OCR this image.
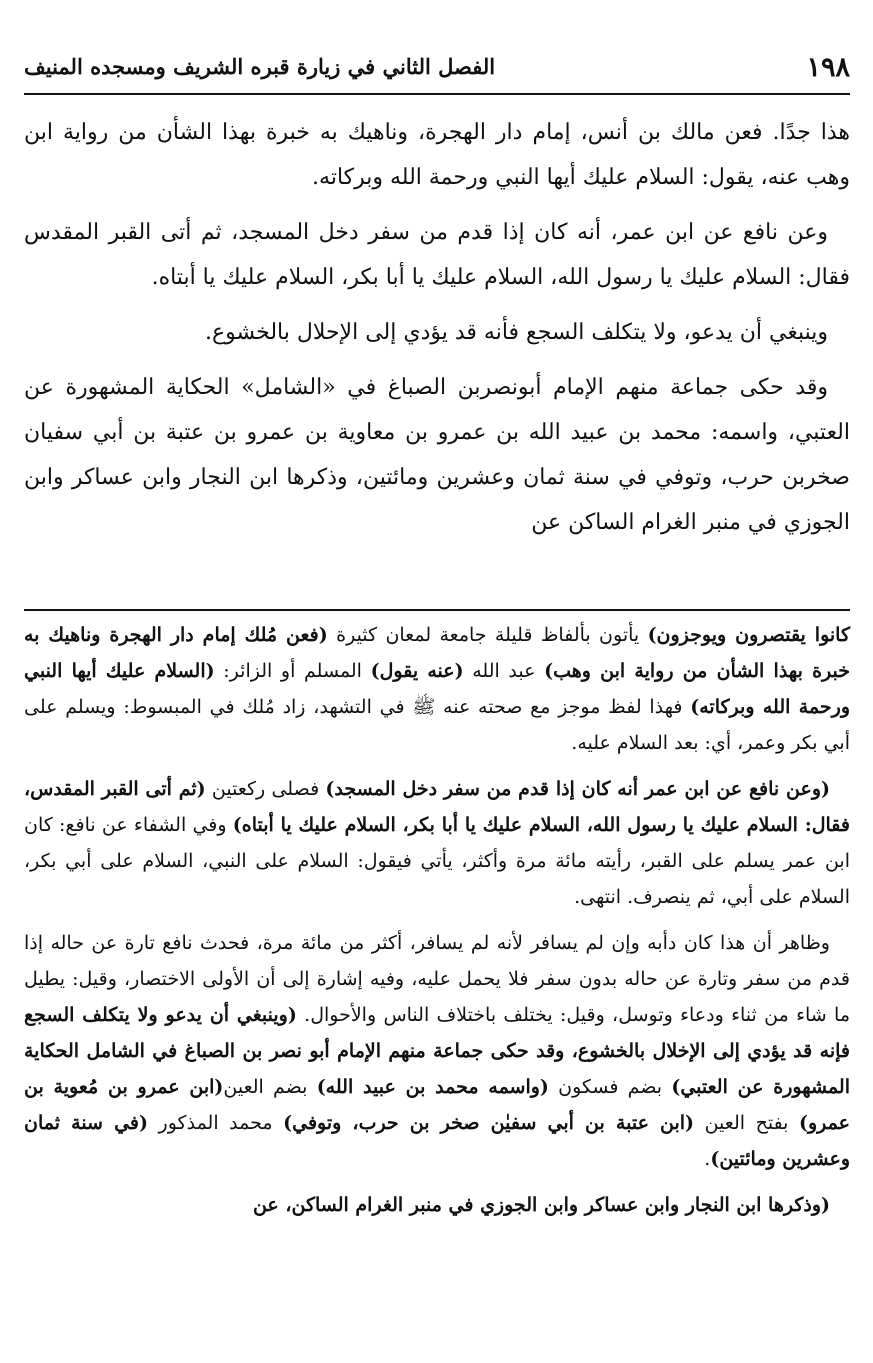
١٩٨
الفصل الثاني في زيارة قبره الشريف ومسجده المنيف

هذا جدًا. فعن مالك بن أنس، إمام دار الهجرة، وناهيك به خبرة بهذا الشأن من رواية ابن وهب عنه، يقول: السلام عليك أيها النبي ورحمة الله وبركاته.

وعن نافع عن ابن عمر، أنه كان إذا قدم من سفر دخل المسجد، ثم أتى القبر المقدس فقال: السلام عليك يا رسول الله، السلام عليك يا أبا بكر، السلام عليك يا أبتاه.

وينبغي أن يدعو، ولا يتكلف السجع فأنه قد يؤدي إلى الإحلال بالخشوع.

وقد حكى جماعة منهم الإمام أبونصربن الصباغ في «الشامل» الحكاية المشهورة عن العتبي، واسمه: محمد بن عبيد الله بن عمرو بن معاوية بن عمرو بن عتبة بن أبي سفيان صخربن حرب، وتوفي في سنة ثمان وعشرين ومائتين، وذكرها ابن النجار وابن عساكر وابن الجوزي في منبر الغرام الساكن عن

كانوا يقتصرون ويوجزون) يأتون بألفاظ قليلة جامعة لمعان كثيرة (فعن مُلك إمام دار الهجرة وناهيك به خبرة بهذا الشأن من رواية ابن وهب) عبد الله (عنه يقول) المسلم أو الزائر: (السلام عليك أيها النبي ورحمة الله وبركاته) فهذا لفظ موجز مع صحته عنه ﷺ في التشهد، زاد مُلك في المبسوط: ويسلم على أبي بكر وعمر، أي: بعد السلام عليه.

(وعن نافع عن ابن عمر أنه كان إذا قدم من سفر دخل المسجد) فصلى ركعتين (ثم أتى القبر المقدس، فقال: السلام عليك يا رسول الله، السلام عليك يا أبا بكر، السلام عليك يا أبتاه) وفي الشفاء عن نافع: كان ابن عمر يسلم على القبر، رأيته مائة مرة وأكثر، يأتي فيقول: السلام على النبي، السلام على أبي بكر، السلام على أبي، ثم ينصرف. انتهى.

وظاهر أن هذا كان دأبه وإن لم يسافر لأنه لم يسافر، أكثر من مائة مرة، فحدث نافع تارة عن حاله إذا قدم من سفر وتارة عن حاله بدون سفر فلا يحمل عليه، وفيه إشارة إلى أن الأولى الاختصار، وقيل: يطيل ما شاء من ثناء ودعاء وتوسل، وقيل: يختلف باختلاف الناس والأحوال. (وينبغي أن يدعو ولا يتكلف السجع فإنه قد يؤدي إلى الإخلال بالخشوع، وقد حكى جماعة منهم الإمام أبو نصر بن الصباغ في الشامل الحكاية المشهورة عن العتبي) بضم فسكون (واسمه محمد بن عبيد الله) بضم العين(ابن عمرو بن مُعوية بن عمرو) بفتح العين (ابن عتبة بن أبي سفيٰن صخر بن حرب، وتوفي) محمد المذكور (في سنة ثمان وعشرين ومائتين).

(وذكرها ابن النجار وابن عساكر وابن الجوزي في منبر الغرام الساكن، عن
